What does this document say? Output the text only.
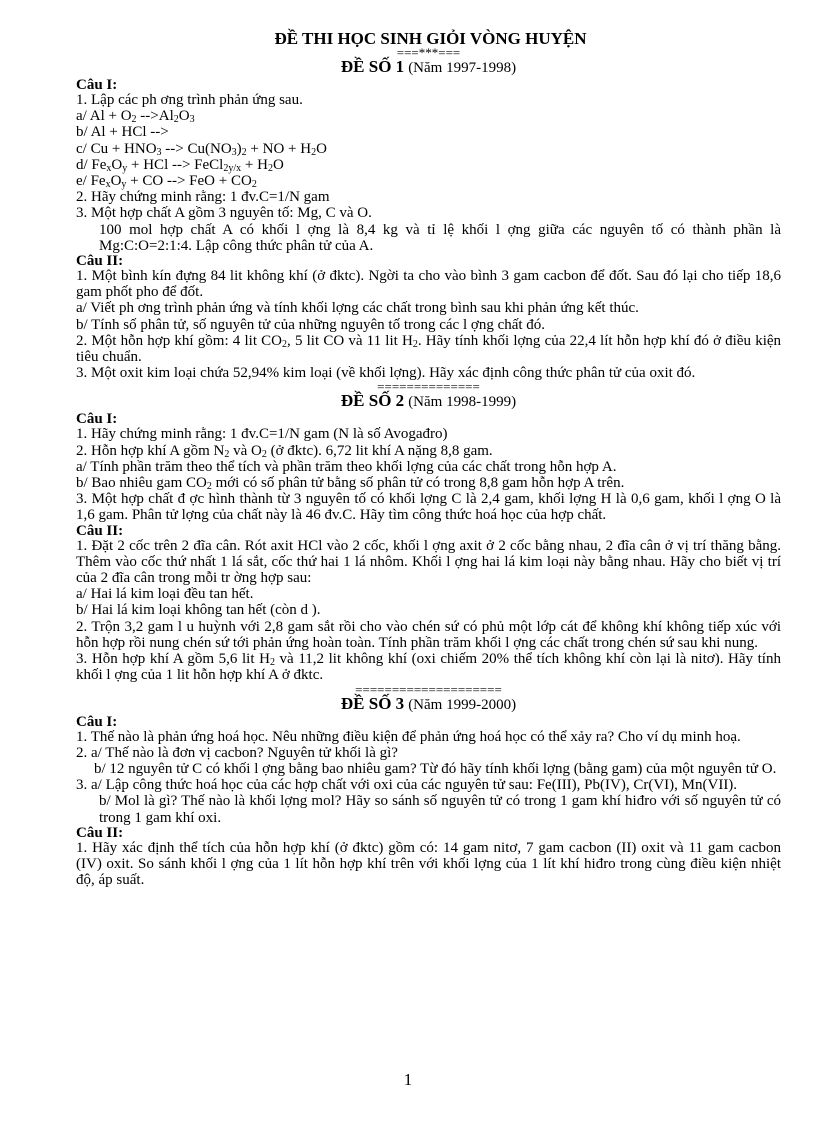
ĐỀ THI HỌC SINH GIỎI VÒNG HUYỆN
===***===
ĐỀ SỐ 1 (Năm 1997-1998)
Câu I:

1. Lập các ph ơng trình phản ứng sau.

a/ $Al + O_2$ $-->Al_2O_3$

b/ Al + HCl -->

c/ $Cu + HNO_3$ --> $Cu(NO_3)_2$ + NO + $H_2O$

d/ $Fe_xO_y$ + HCl --> FeCl$_{2y/x}$ + $H_2O$

e/ $Fe_xO_y$ + CO --> FeO + $CO_2$

2. Hãy chứng minh rằng: 1 đv.C=1/N gam

3. Một hợp chất A gồm 3 nguyên tố: Mg, C và O.

100 mol hợp chất A có khối l ợng là 8,4 kg và tỉ lệ khối l ợng giữa các nguyên tố có thành phần là Mg:C:O=2:1:4. Lập công thức phân tử của A.

Câu II:

1. Một bình kín đựng 84 lit không khí (ở đktc). Ngời ta cho vào bình 3 gam cacbon để đốt. Sau đó lại cho tiếp 18,6 gam phốt pho để đốt.

a/ Viết ph ơng trình phản ứng và tính khối lợng các chất trong bình sau khi phản ứng kết thúc.

b/ Tính số phân tử, số nguyên tử của những nguyên tố trong các l ợng chất đó.

2. Một hỗn hợp khí gồm: 4 lit $CO_2$, 5 lit CO và 11 lit $H_2$. Hãy tính khối lợng của 22,4 lít hỗn hợp khí đó ở điều kiện tiêu chuẩn.

3. Một oxit kim loại chứa 52,94% kim loại (về khối lợng). Hãy xác định công thức phân tử của oxit đó.

==============
ĐỀ SỐ 2 (Năm 1998-1999)
Câu I:

1. Hãy chứng minh rằng: 1 đv.C=1/N gam (N là số Avogađro)

2. Hỗn hợp khí A gồm $N_2$ và $O_2$ (ở đktc). 6,72 lit khí A nặng 8,8 gam.

a/ Tính phần trăm theo thể tích và phần trăm theo khối lợng của các chất trong hỗn hợp A.

b/ Bao nhiêu gam $CO_2$ mới có số phân tử bằng số phân tử có trong 8,8 gam hỗn hợp A trên.

3. Một hợp chất đ ợc hình thành từ 3 nguyên tố có khối lợng C là 2,4 gam, khối lợng H là 0,6 gam, khối l ợng O là 1,6 gam. Phân tử lợng của chất này là 46 đv.C. Hãy tìm công thức hoá học của hợp chất.

Câu II:

1. Đặt 2 cốc trên 2 đĩa cân. Rót axit HCl vào 2 cốc, khối l ợng axit ở 2 cốc bằng nhau, 2 đĩa cân ở vị trí thăng bằng. Thêm vào cốc thứ nhất 1 lá sắt, cốc thứ hai 1 lá nhôm. Khối l ợng hai lá kim loại này bằng nhau. Hãy cho biết vị trí của 2 đĩa cân trong mỗi tr ờng hợp sau:

a/ Hai lá kim loại đều tan hết.

b/ Hai lá kim loại không tan hết (còn d ).

2. Trộn 3,2 gam l u huỳnh với 2,8 gam sắt rồi cho vào chén sứ có phủ một lớp cát để không khí không tiếp xúc với hỗn hợp rồi nung chén sứ tới phản ứng hoàn toàn. Tính phần trăm khối l ợng các chất trong chén sứ sau khi nung.

3. Hỗn hợp khí A gồm 5,6 lit $H_2$ và 11,2 lit không khí (oxi chiếm 20% thể tích không khí còn lại là nitơ). Hãy tính khối l ợng của 1 lit hỗn hợp khí A ở đktc.

====================
ĐỀ SỐ 3 (Năm 1999-2000)
Câu I:

1. Thế nào là phản ứng hoá học. Nêu những điều kiện để phản ứng hoá học có thể xảy ra? Cho ví dụ minh hoạ.

2. a/ Thế nào là đơn vị cacbon? Nguyên tử khối là gì?

b/ 12 nguyên tử C có khối l ợng bằng bao nhiêu gam? Từ đó hãy tính khối lợng (bằng gam) của một nguyên tử O.

3. a/ Lập công thức hoá học của các hợp chất với oxi của các nguyên tử sau: Fe(III), Pb(IV), Cr(VI), Mn(VII).

b/ Mol là gì? Thế nào là khối lợng mol? Hãy so sánh số nguyên tử có trong 1 gam khí hiđro với số nguyên tử có trong 1 gam khí oxi.

Câu II:

1. Hãy xác định thể tích của hỗn hợp khí (ở đktc) gồm có: 14 gam nitơ, 7 gam cacbon (II) oxit và 11 gam cacbon (IV) oxit. So sánh khối l ợng của 1 lít hỗn hợp khí trên với khối lợng của 1 lít khí hiđro trong cùng điều kiện nhiệt độ, áp suất.

1
